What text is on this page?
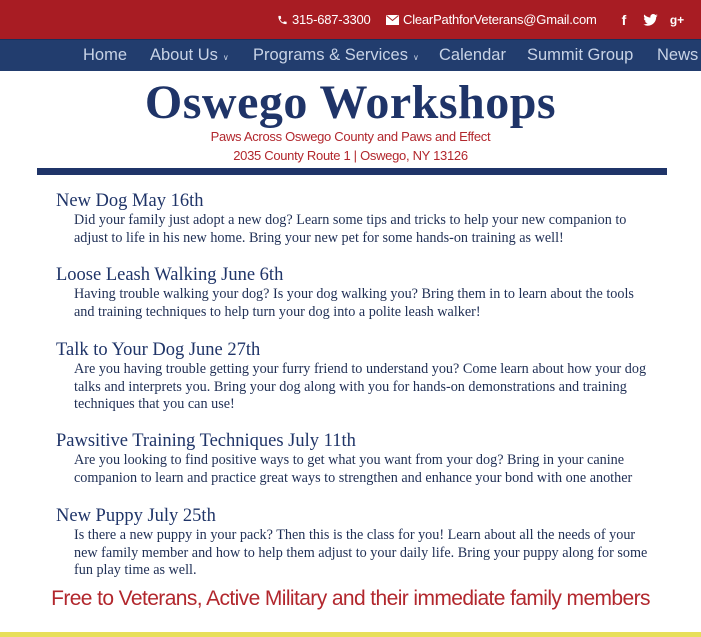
315-687-3300 ClearPathforVeterans@Gmail.com	f	g+
Home About Us ∨ Programs & Services ∨ Calendar Summit Group News
Oswego Workshops
Paws Across Oswego County and Paws and Effect
2035 County Route 1 | Oswego, NY 13126
New Dog May 16th

Did your family just adopt a new dog? Learn some tips and tricks to help your new companion to adjust to life in his new home. Bring your new pet for some hands-on training as well!

Loose Leash Walking June 6th

Having trouble walking your dog? Is your dog walking you? Bring them in to learn about the tools and training techniques to help turn your dog into a polite leash walker!

Talk to Your Dog June 27th

Are you having trouble getting your furry friend to understand you? Come learn about how your dog talks and interprets you. Bring your dog along with you for hands-on demonstrations and training techniques that you can use!

Pawsitive Training Techniques July 11th

Are you looking to find positive ways to get what you want from your dog? Bring in your canine companion to learn and practice great ways to strengthen and enhance your bond with one another

New Puppy July 25th

Is there a new puppy in your pack? Then this is the class for you! Learn about all the needs of your new family member and how to help them adjust to your daily life. Bring your puppy along for some fun play time as well.

Free to Veterans, Active Military and their immediate family members
